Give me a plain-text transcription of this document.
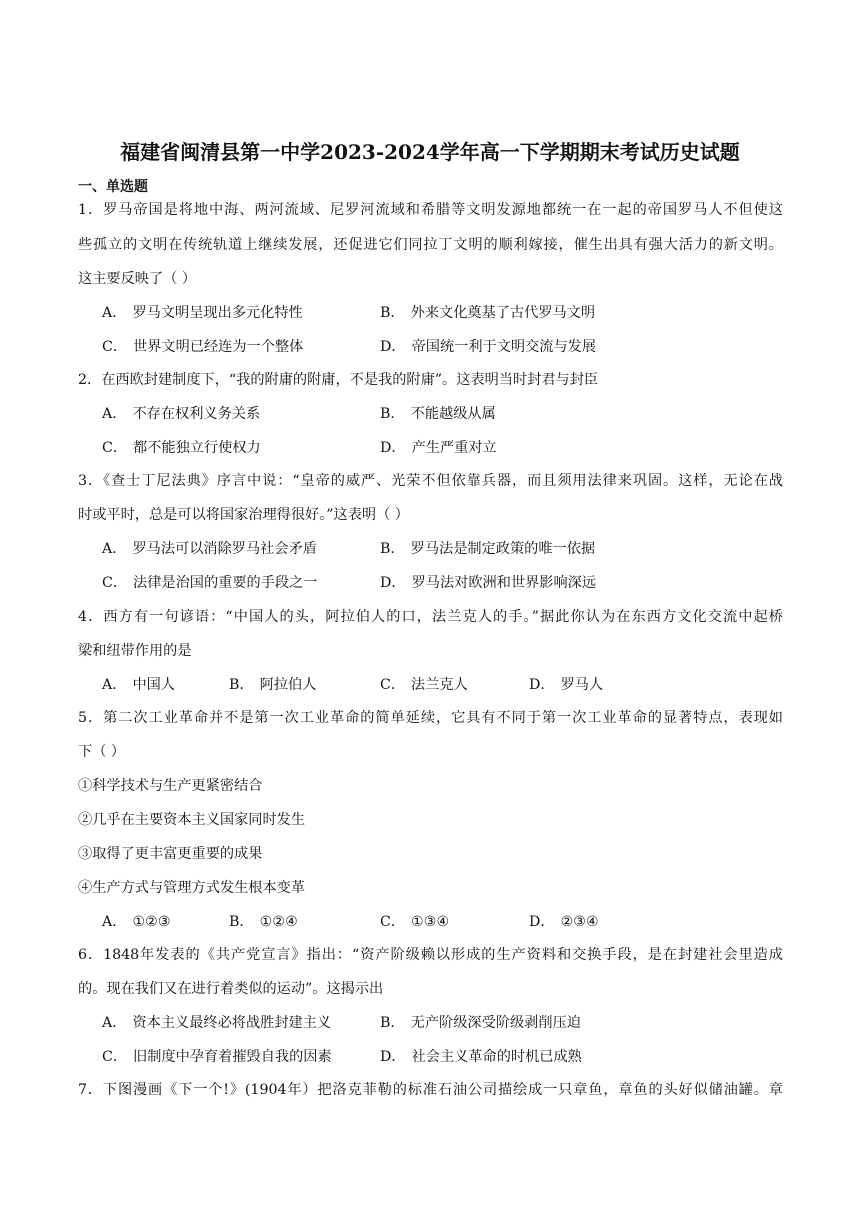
福建省闽清县第一中学2023-2024学年高一下学期期末考试历史试题
一、单选题
1．罗马帝国是将地中海、两河流域、尼罗河流域和希腊等文明发源地都统一在一起的帝国罗马人不但使这
些孤立的文明在传统轨道上继续发展，还促进它们同拉丁文明的顺利嫁接，催生出具有强大活力的新文明。
这主要反映了（ ）
A． 罗马文明呈现出多元化特性	B． 外来文化奠基了古代罗马文明
C． 世界文明已经连为一个整体	D． 帝国统一利于文明交流与发展
2．在西欧封建制度下，“我的附庸的附庸，不是我的附庸”。这表明当时封君与封臣
A． 不存在权利义务关系	B． 不能越级从属
C． 都不能独立行使权力	D． 产生严重对立
3．《查士丁尼法典》序言中说：“皇帝的威严、光荣不但依靠兵器，而且须用法律来巩固。这样，无论在战
时或平时，总是可以将国家治理得很好。”这表明（ ）
A． 罗马法可以消除罗马社会矛盾	B． 罗马法是制定政策的唯一依据
C． 法律是治国的重要的手段之一	D． 罗马法对欧洲和世界影响深远
4．西方有一句谚语：“中国人的头，阿拉伯人的口，法兰克人的手。”据此你认为在东西方文化交流中起桥
梁和纽带作用的是
A． 中国人	B． 阿拉伯人	C． 法兰克人	D． 罗马人
5．第二次工业革命并不是第一次工业革命的简单延续，它具有不同于第一次工业革命的显著特点，表现如
下（ ）
①科学技术与生产更紧密结合
②几乎在主要资本主义国家同时发生
③取得了更丰富更重要的成果
④生产方式与管理方式发生根本变革
A． ①②③	B． ①②④	C． ①③④	D． ②③④
6．1848年发表的《共产党宣言》指出：“资产阶级赖以形成的生产资料和交换手段，是在封建社会里造成
的。现在我们又在进行着类似的运动”。这揭示出
A． 资本主义最终必将战胜封建主义	B． 无产阶级深受阶级剥削压迫
C． 旧制度中孕育着摧毁自我的因素	D． 社会主义革命的时机已成熟
7．下图漫画《下一个!》(1904年）把洛克菲勒的标准石油公司描绘成一只章鱼，章鱼的头好似储油罐。章
